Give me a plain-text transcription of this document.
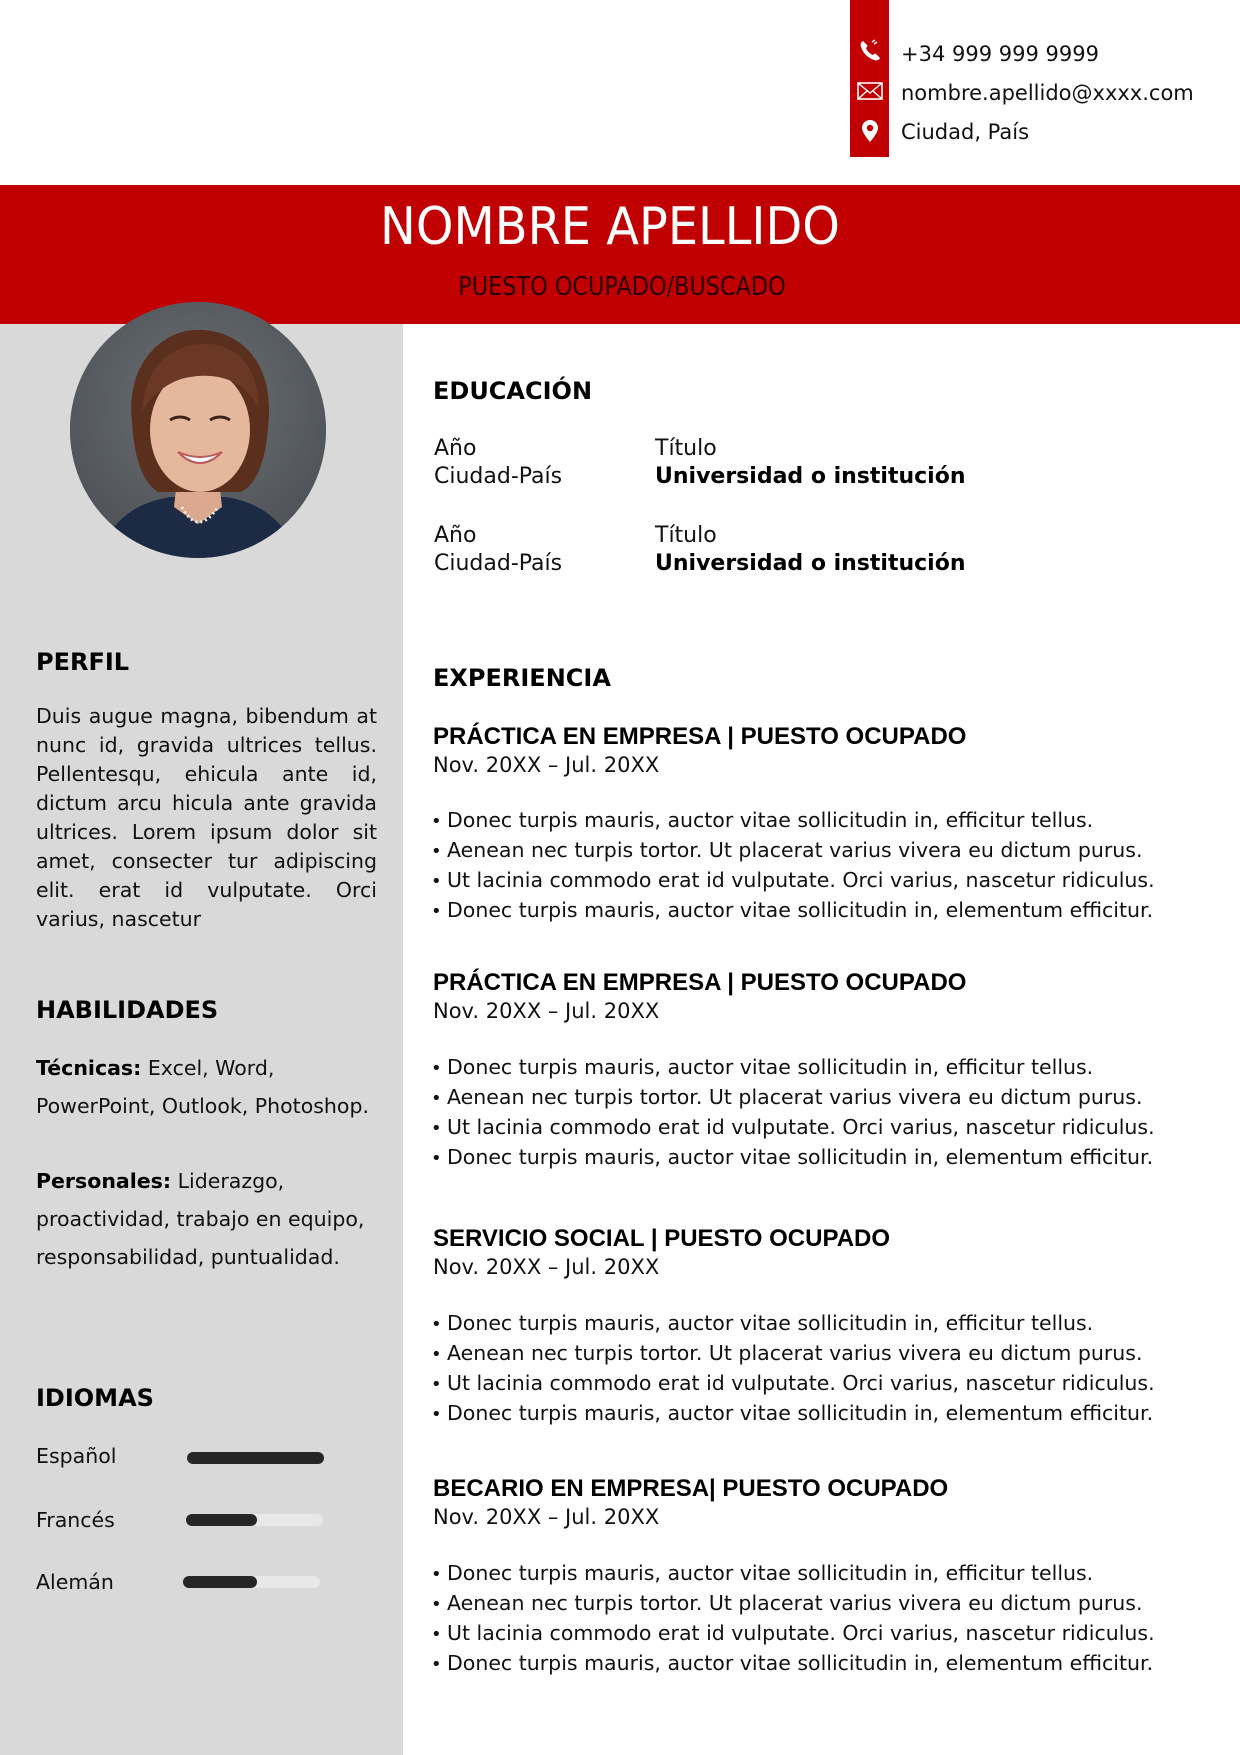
+34 999 999 9999
nombre.apellido@xxxx.com
Ciudad, País
NOMBRE APELLIDO
PUESTO OCUPADO/BUSCADO
PERFIL
Duis augue magna, bibendum at nunc id, gravida ultrices tellus. Pellentesqu, ehicula ante id, dictum arcu hicula ante gravida ultrices. Lorem ipsum dolor sit amet, consecter tur adipiscing elit. erat id vulputate. Orci varius, nascetur
HABILIDADES
Técnicas: Excel, Word,
PowerPoint, Outlook, Photoshop.
Personales: Liderazgo,
proactividad, trabajo en equipo,
responsabilidad, puntualidad.
IDIOMAS
Español
Francés
Alemán
EDUCACIÓN
Año
Ciudad-País
Título
Universidad o institución
Año
Ciudad-País
Título
Universidad o institución
EXPERIENCIA
PRÁCTICA EN EMPRESA | PUESTO OCUPADO
Nov. 20XX – Jul. 20XX
• Donec turpis mauris, auctor vitae sollicitudin in, efficitur tellus.
• Aenean nec turpis tortor. Ut placerat varius vivera eu dictum purus.
• Ut lacinia commodo erat id vulputate. Orci varius, nascetur ridiculus.
• Donec turpis mauris, auctor vitae sollicitudin in, elementum efficitur.
PRÁCTICA EN EMPRESA | PUESTO OCUPADO
Nov. 20XX – Jul. 20XX
• Donec turpis mauris, auctor vitae sollicitudin in, efficitur tellus.
• Aenean nec turpis tortor. Ut placerat varius vivera eu dictum purus.
• Ut lacinia commodo erat id vulputate. Orci varius, nascetur ridiculus.
• Donec turpis mauris, auctor vitae sollicitudin in, elementum efficitur.
SERVICIO SOCIAL | PUESTO OCUPADO
Nov. 20XX – Jul. 20XX
• Donec turpis mauris, auctor vitae sollicitudin in, efficitur tellus.
• Aenean nec turpis tortor. Ut placerat varius vivera eu dictum purus.
• Ut lacinia commodo erat id vulputate. Orci varius, nascetur ridiculus.
• Donec turpis mauris, auctor vitae sollicitudin in, elementum efficitur.
BECARIO EN EMPRESA| PUESTO OCUPADO
Nov. 20XX – Jul. 20XX
• Donec turpis mauris, auctor vitae sollicitudin in, efficitur tellus.
• Aenean nec turpis tortor. Ut placerat varius vivera eu dictum purus.
• Ut lacinia commodo erat id vulputate. Orci varius, nascetur ridiculus.
• Donec turpis mauris, auctor vitae sollicitudin in, elementum efficitur.
